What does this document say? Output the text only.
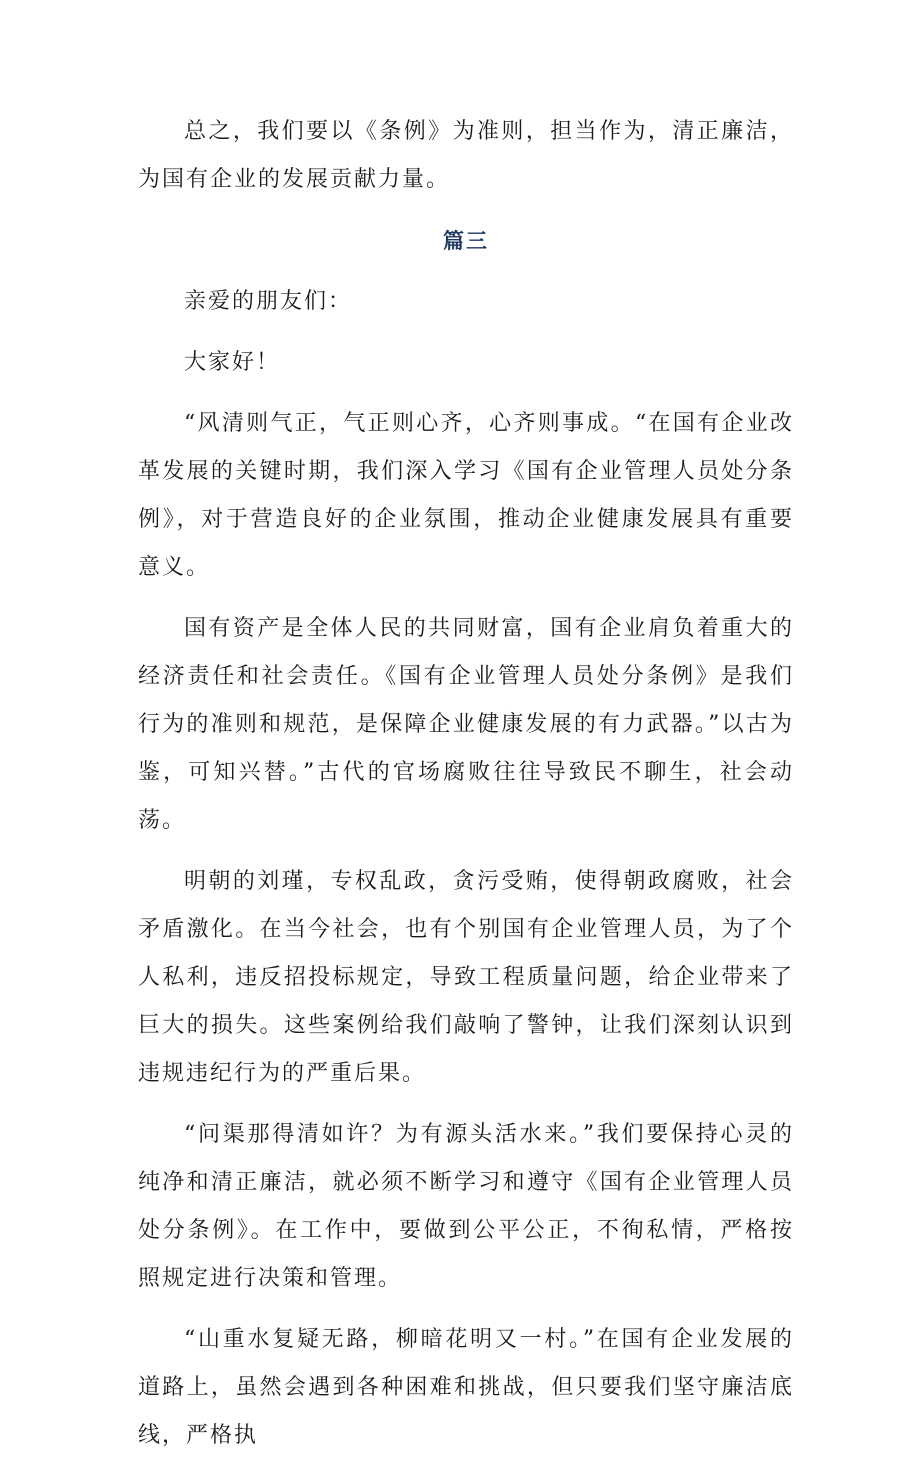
总之，我们要以《条例》为准则，担当作为，清正廉洁，为国有企业的发展贡献力量。

篇三

亲爱的朋友们：

大家好！

“风清则气正，气正则心齐，心齐则事成。“在国有企业改革发展的关键时期，我们深入学习《国有企业管理人员处分条例》，对于营造良好的企业氛围，推动企业健康发展具有重要意义。

国有资产是全体人民的共同财富，国有企业肩负着重大的经济责任和社会责任。《国有企业管理人员处分条例》是我们行为的准则和规范，是保障企业健康发展的有力武器。”以古为鉴，可知兴替。”古代的官场腐败往往导致民不聊生，社会动荡。

明朝的刘瑾，专权乱政，贪污受贿，使得朝政腐败，社会矛盾激化。在当今社会，也有个别国有企业管理人员，为了个人私利，违反招投标规定，导致工程质量问题，给企业带来了巨大的损失。这些案例给我们敲响了警钟，让我们深刻认识到违规违纪行为的严重后果。

“问渠那得清如许？为有源头活水来。”我们要保持心灵的纯净和清正廉洁，就必须不断学习和遵守《国有企业管理人员处分条例》。在工作中，要做到公平公正，不徇私情，严格按照规定进行决策和管理。

“山重水复疑无路，柳暗花明又一村。”在国有企业发展的道路上，虽然会遇到各种困难和挑战，但只要我们坚守廉洁底线，严格执
